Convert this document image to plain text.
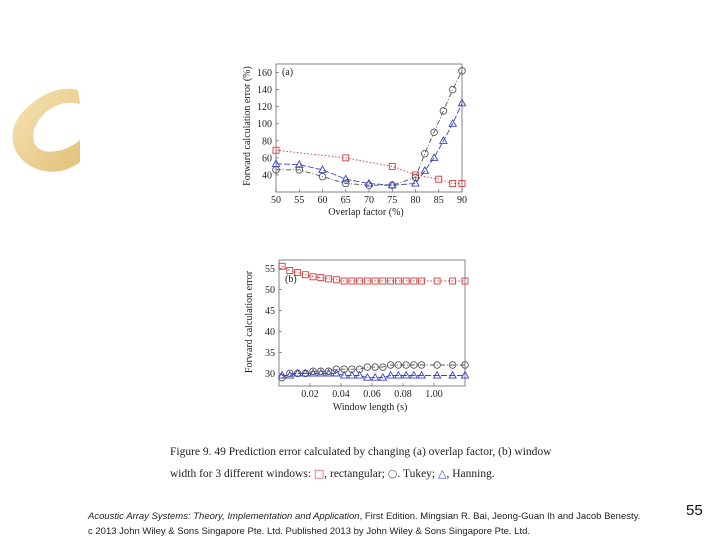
50 55 60 65 70 75 80 85 90
40
60
80
100
120
140
160 (a)
Overlap factor (%)
Forward calculation error (%)
0.02 0.04 0.06 0.08 1.00
30
35
40
45
50
55
(b)
Window length (s)
Forward calculation error
Figure 9. 49 Prediction error calculated by changing (a) overlap factor, (b) window
width for 3 different windows: □, rectangular; ○. Tukey; △, Hanning.
Acoustic Array Systems: Theory, Implementation and Application, First Edition. Mingsian R. Bai, Jeong-Guan Ih and Jacob Benesty.
c 2013 John Wiley & Sons Singapore Pte. Ltd. Published 2013 by John Wiley & Sons Singapore Pte. Ltd.
55
